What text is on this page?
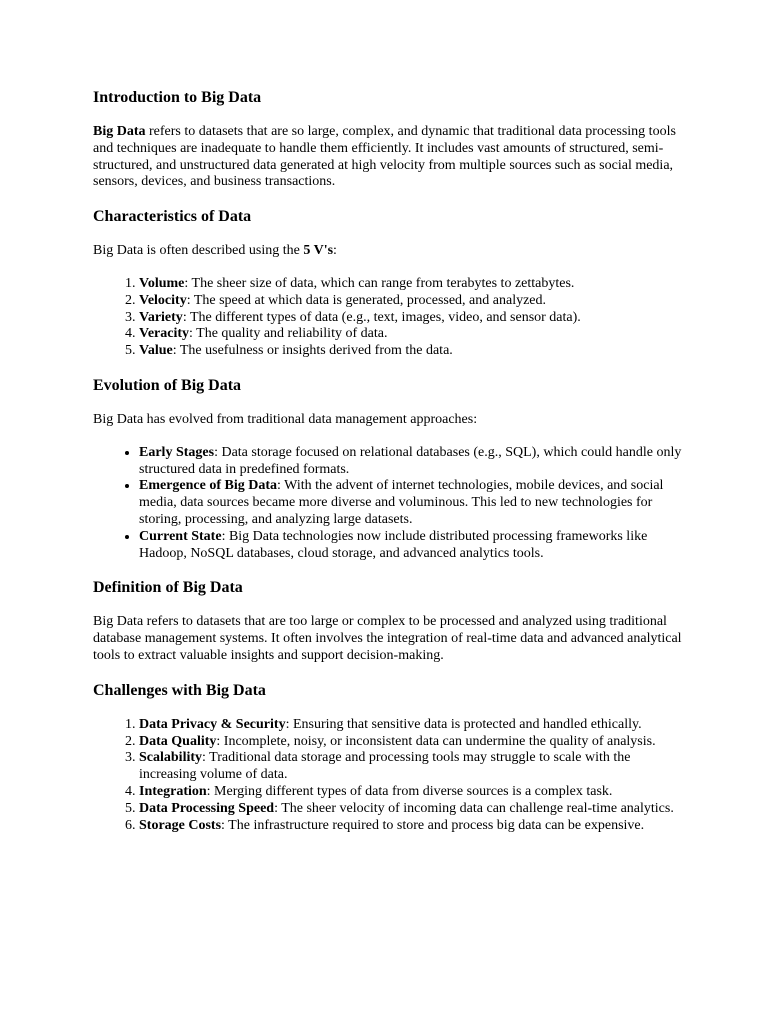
Introduction to Big Data

Big Data refers to datasets that are so large, complex, and dynamic that traditional data processing tools and techniques are inadequate to handle them efficiently. It includes vast amounts of structured, semi-structured, and unstructured data generated at high velocity from multiple sources such as social media, sensors, devices, and business transactions.

Characteristics of Data

Big Data is often described using the 5 V's:

1. Volume: The sheer size of data, which can range from terabytes to zettabytes.
2. Velocity: The speed at which data is generated, processed, and analyzed.
3. Variety: The different types of data (e.g., text, images, video, and sensor data).
4. Veracity: The quality and reliability of data.
5. Value: The usefulness or insights derived from the data.
Evolution of Big Data

Big Data has evolved from traditional data management approaches:

• Early Stages: Data storage focused on relational databases (e.g., SQL), which could handle only structured data in predefined formats.
• Emergence of Big Data: With the advent of internet technologies, mobile devices, and social media, data sources became more diverse and voluminous. This led to new technologies for storing, processing, and analyzing large datasets.
• Current State: Big Data technologies now include distributed processing frameworks like Hadoop, NoSQL databases, cloud storage, and advanced analytics tools.
Definition of Big Data

Big Data refers to datasets that are too large or complex to be processed and analyzed using traditional database management systems. It often involves the integration of real-time data and advanced analytical tools to extract valuable insights and support decision-making.

Challenges with Big Data
1. Data Privacy & Security: Ensuring that sensitive data is protected and handled ethically.
2. Data Quality: Incomplete, noisy, or inconsistent data can undermine the quality of analysis.
3. Scalability: Traditional data storage and processing tools may struggle to scale with the increasing volume of data.
4. Integration: Merging different types of data from diverse sources is a complex task.
5. Data Processing Speed: The sheer velocity of incoming data can challenge real-time analytics.
6. Storage Costs: The infrastructure required to store and process big data can be expensive.
